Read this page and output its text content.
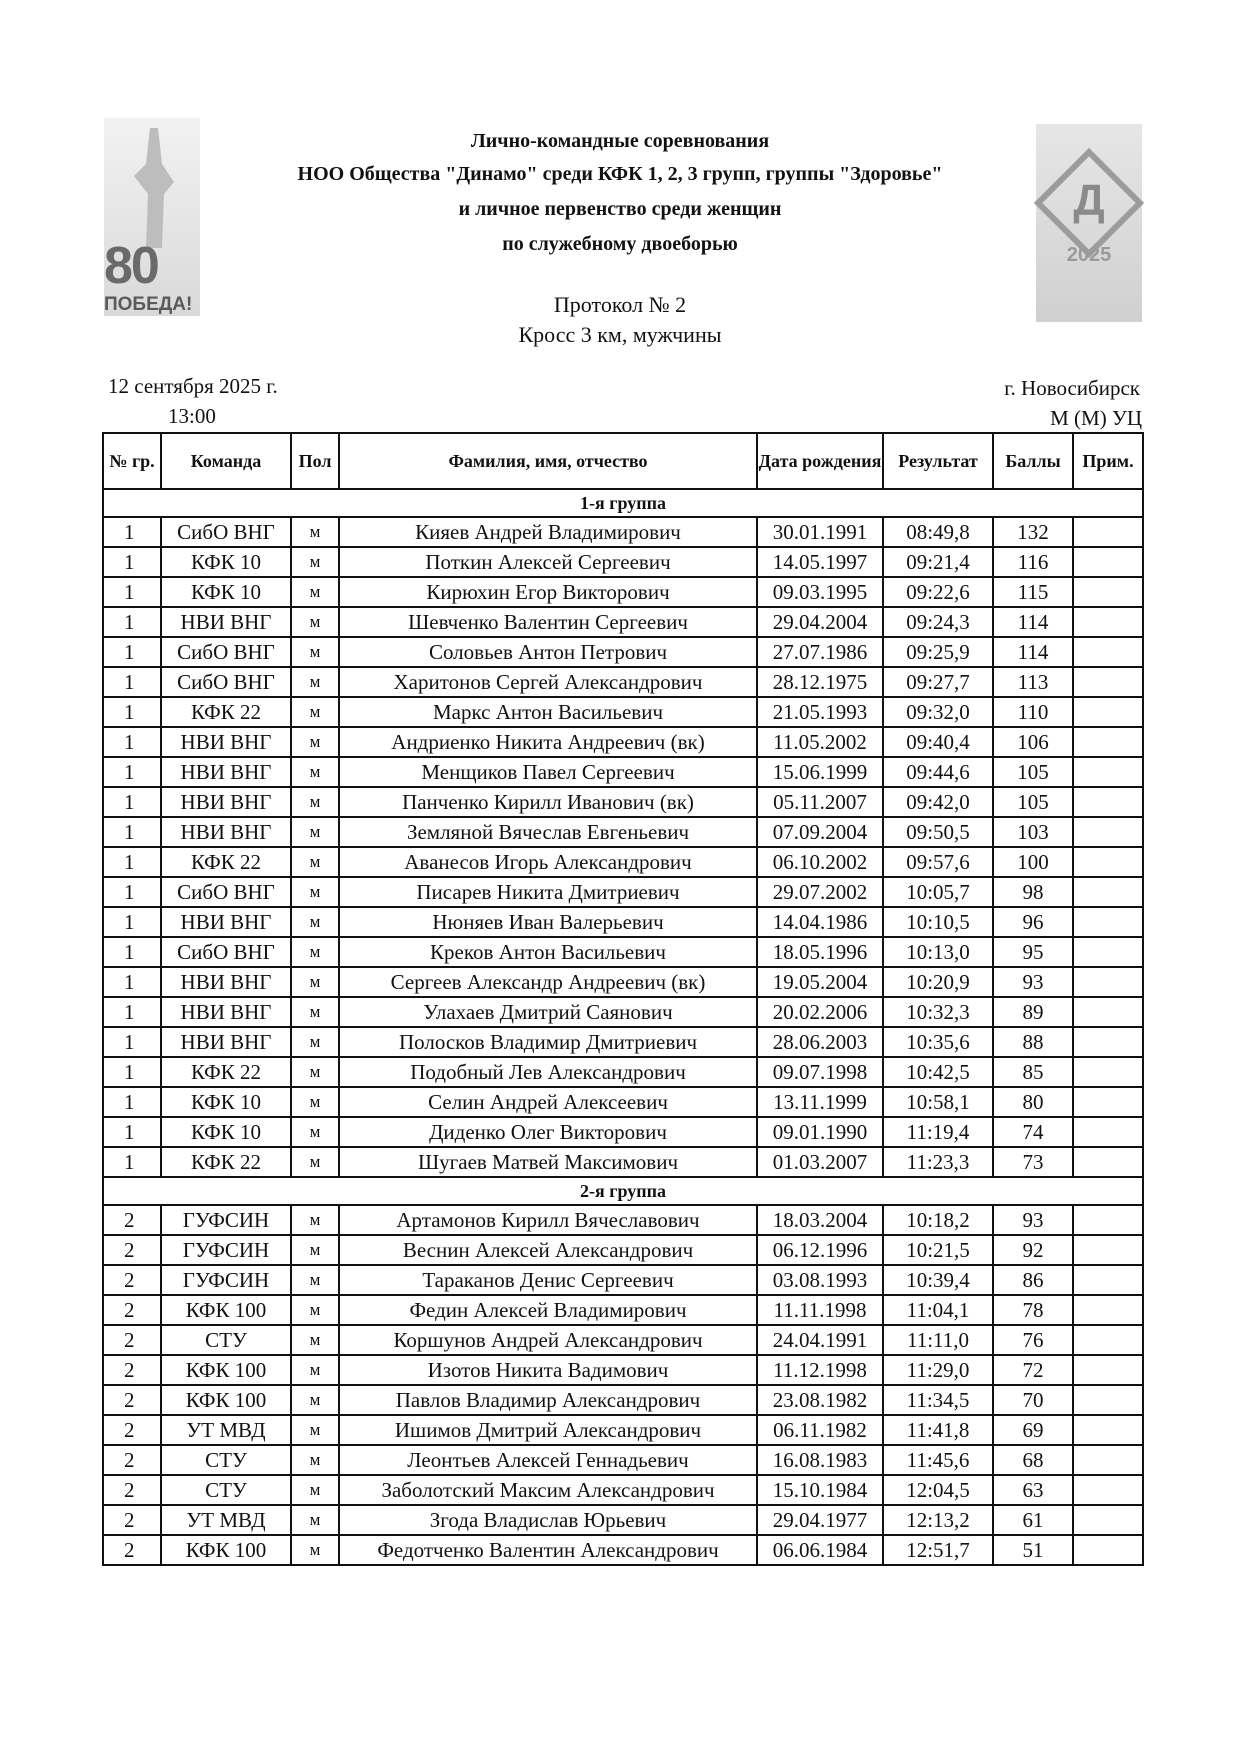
80
ПОБЕДА!
Д
2025
Лично-командные соревнования
НОО Общества "Динамо" среди КФК 1, 2, 3 групп, группы "Здоровье"
и личное первенство среди женщин
по служебному двоеборью
Протокол № 2
Кросс 3 км, мужчины
12 сентября 2025 г.
13:00
г. Новосибирск
М (М) УЦ
№ гр.	Команда	Пол	Фамилия, имя, отчество	Дата рождения	Результат	Баллы	Прим.
1-я группа							
1	СибО ВНГ	м	Кияев Андрей Владимирович	30.01.1991	08:49,8	132	
1	КФК 10	м	Поткин Алексей Сергеевич	14.05.1997	09:21,4	116	
1	КФК 10	м	Кирюхин Егор Викторович	09.03.1995	09:22,6	115	
1	НВИ ВНГ	м	Шевченко Валентин Сергеевич	29.04.2004	09:24,3	114	
1	СибО ВНГ	м	Соловьев Антон Петрович	27.07.1986	09:25,9	114	
1	СибО ВНГ	м	Харитонов Сергей Александрович	28.12.1975	09:27,7	113	
1	КФК 22	м	Маркс Антон Васильевич	21.05.1993	09:32,0	110	
1	НВИ ВНГ	м	Андриенко Никита Андреевич (вк)	11.05.2002	09:40,4	106	
1	НВИ ВНГ	м	Менщиков Павел Сергеевич	15.06.1999	09:44,6	105	
1	НВИ ВНГ	м	Панченко Кирилл Иванович (вк)	05.11.2007	09:42,0	105	
1	НВИ ВНГ	м	Земляной Вячеслав Евгеньевич	07.09.2004	09:50,5	103	
1	КФК 22	м	Аванесов Игорь Александрович	06.10.2002	09:57,6	100	
1	СибО ВНГ	м	Писарев Никита Дмитриевич	29.07.2002	10:05,7	98	
1	НВИ ВНГ	м	Нюняев Иван Валерьевич	14.04.1986	10:10,5	96	
1	СибО ВНГ	м	Креков Антон Васильевич	18.05.1996	10:13,0	95	
1	НВИ ВНГ	м	Сергеев Александр Андреевич (вк)	19.05.2004	10:20,9	93	
1	НВИ ВНГ	м	Улахаев Дмитрий Саянович	20.02.2006	10:32,3	89	
1	НВИ ВНГ	м	Полосков Владимир Дмитриевич	28.06.2003	10:35,6	88	
1	КФК 22	м	Подобный Лев Александрович	09.07.1998	10:42,5	85	
1	КФК 10	м	Селин Андрей Алексеевич	13.11.1999	10:58,1	80	
1	КФК 10	м	Диденко Олег Викторович	09.01.1990	11:19,4	74	
1	КФК 22	м	Шугаев Матвей Максимович	01.03.2007	11:23,3	73	
2-я группа							
2	ГУФСИН	м	Артамонов Кирилл Вячеславович	18.03.2004	10:18,2	93	
2	ГУФСИН	м	Веснин Алексей Александрович	06.12.1996	10:21,5	92	
2	ГУФСИН	м	Тараканов Денис Сергеевич	03.08.1993	10:39,4	86	
2	КФК 100	м	Федин Алексей Владимирович	11.11.1998	11:04,1	78	
2	СТУ	м	Коршунов Андрей Александрович	24.04.1991	11:11,0	76	
2	КФК 100	м	Изотов Никита Вадимович	11.12.1998	11:29,0	72	
2	КФК 100	м	Павлов Владимир Александрович	23.08.1982	11:34,5	70	
2	УТ МВД	м	Ишимов Дмитрий Александрович	06.11.1982	11:41,8	69	
2	СТУ	м	Леонтьев Алексей Геннадьевич	16.08.1983	11:45,6	68	
2	СТУ	м	Заболотский Максим Александрович	15.10.1984	12:04,5	63	
2	УТ МВД	м	Згода Владислав Юрьевич	29.04.1977	12:13,2	61	
2	КФК 100	м	Федотченко Валентин Александрович	06.06.1984	12:51,7	51	
